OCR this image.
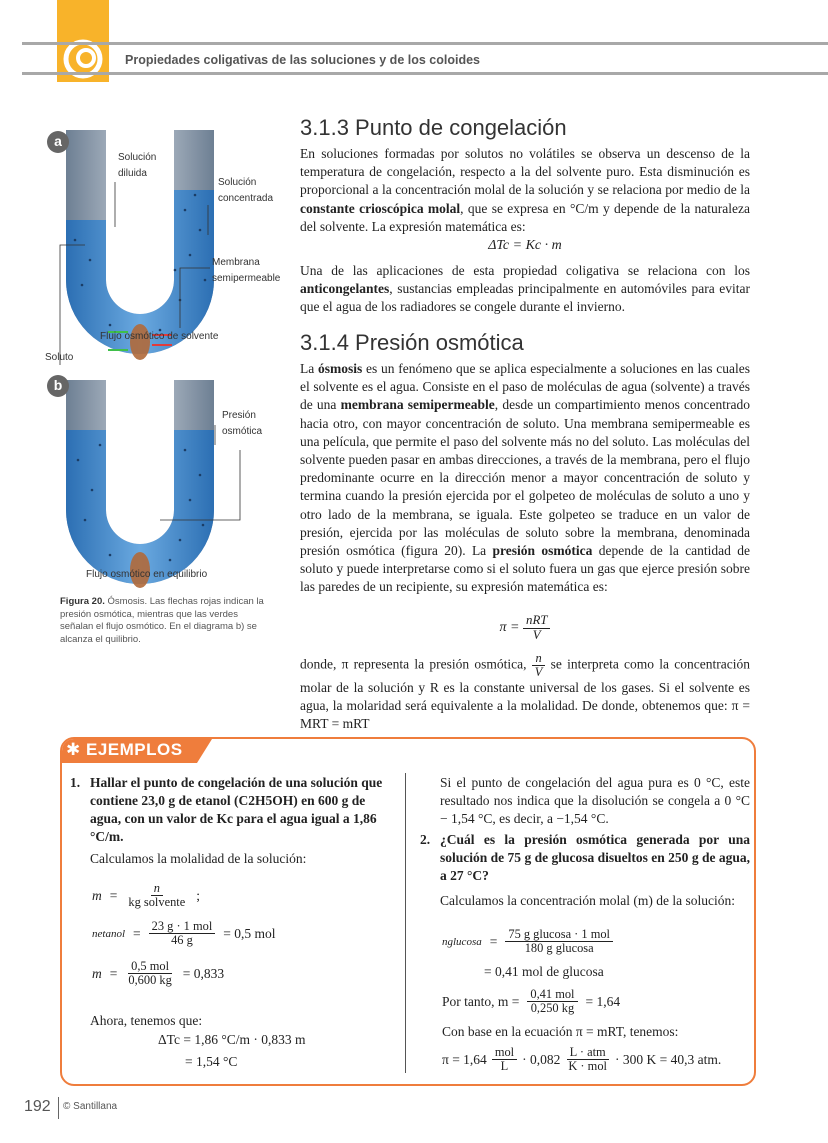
Propiedades coligativas de las soluciones y de los coloides
a
b
Solución diluida
Solución concentrada
Membrana semipermeable
Flujo osmótico de solvente
Soluto
Presión osmótica
Flujo osmótico en equilibrio
Figura 20. Ósmosis. Las flechas rojas indican la presión osmótica, mientras que las verdes señalan el flujo osmótico. En el diagrama b) se alcanza el quilibrio.
3.1.3 Punto de congelación
En soluciones formadas por solutos no volátiles se observa un descenso de la temperatura de congelación, respecto a la del solvente puro. Esta disminución es proporcional a la concentración molal de la solución y se relaciona por medio de la constante crioscópica molal, que se expresa en °C/m y depende de la naturaleza del solvente. La expresión matemática es:
ΔTc = Kc · m
Una de las aplicaciones de esta propiedad coligativa se relaciona con los anticongelantes, sustancias empleadas principalmente en automóviles para evitar que el agua de los radiadores se congele durante el invierno.
3.1.4 Presión osmótica
La ósmosis es un fenómeno que se aplica especialmente a soluciones en las cuales el solvente es el agua. Consiste en el paso de moléculas de agua (solvente) a través de una membrana semipermeable, desde un compartimiento menos concentrado hacia otro, con mayor concentración de soluto. Una membrana semipermeable es una película, que permite el paso del solvente más no del soluto. Las moléculas del solvente pueden pasar en ambas direcciones, a través de la membrana, pero el flujo predominante ocurre en la dirección menor a mayor concentración de soluto y termina cuando la presión ejercida por el golpeteo de moléculas de soluto a uno y otro lado de la membrana, se iguala. Este golpeteo se traduce en un valor de presión, ejercida por las moléculas de soluto sobre la membrana, denominada presión osmótica (figura 20). La presión osmótica depende de la cantidad de soluto y puede interpretarse como si el soluto fuera un gas que ejerce presión sobre las paredes de un recipiente, su expresión matemática es:
$\pi = \frac{\text{nRT}}{V}$
donde, π representa la presión osmótica, $\frac{n}{V}$ se interpreta como la concentración molar de la solución y R es la constante universal de los gases. Si el solvente es agua, la molaridad será equivalente a la molalidad. De donde, obtenemos que: π = MRT = mRT
✱ EJEMPLOS
1. Hallar el punto de congelación de una solución que contiene 23,0 g de etanol (C2H5OH) en 600 g de agua, con un valor de Kc para el agua igual a 1,86 °C/m.
Calculamos la molalidad de la solución:
$m = \frac{n}{\text{kg solvente}}$ ;
netanol = $\frac{\text{23 g · 1 mol}}{46 g} = 0,5$ mol
$m = \frac{\text{0,5 mol}}{0,600 kg} = 0,833$
Ahora, tenemos que:
ΔTc = 1,86 °C/m · 0,833 m
= 1,54 °C
Si el punto de congelación del agua pura es 0 °C, este resultado nos indica que la disolución se congela a 0 °C − 1,54 °C, es decir, a −1,54 °C.
2. ¿Cuál es la presión osmótica generada por una solución de 75 g de glucosa disueltos en 250 g de agua, a 27 °C?
Calculamos la concentración molal (m) de la solución:
nglucosa = $\frac{\text{75 g glucosa · 1 mol}}{\text{180 g glucosa}}$
= 0,41 mol de glucosa
Por tanto, $m = \frac{\text{0,41 mol}}{0,250 kg} = 1,64$
Con base en la ecuación π = mRT, tenemos:
$\pi = 1,64 \frac{\text{mol}}{L} \cdot 0,082 \frac{\text{L · atm}}{\text{K · mol}} \cdot 300$ K = 40,3 atm.
192 © Santillana
